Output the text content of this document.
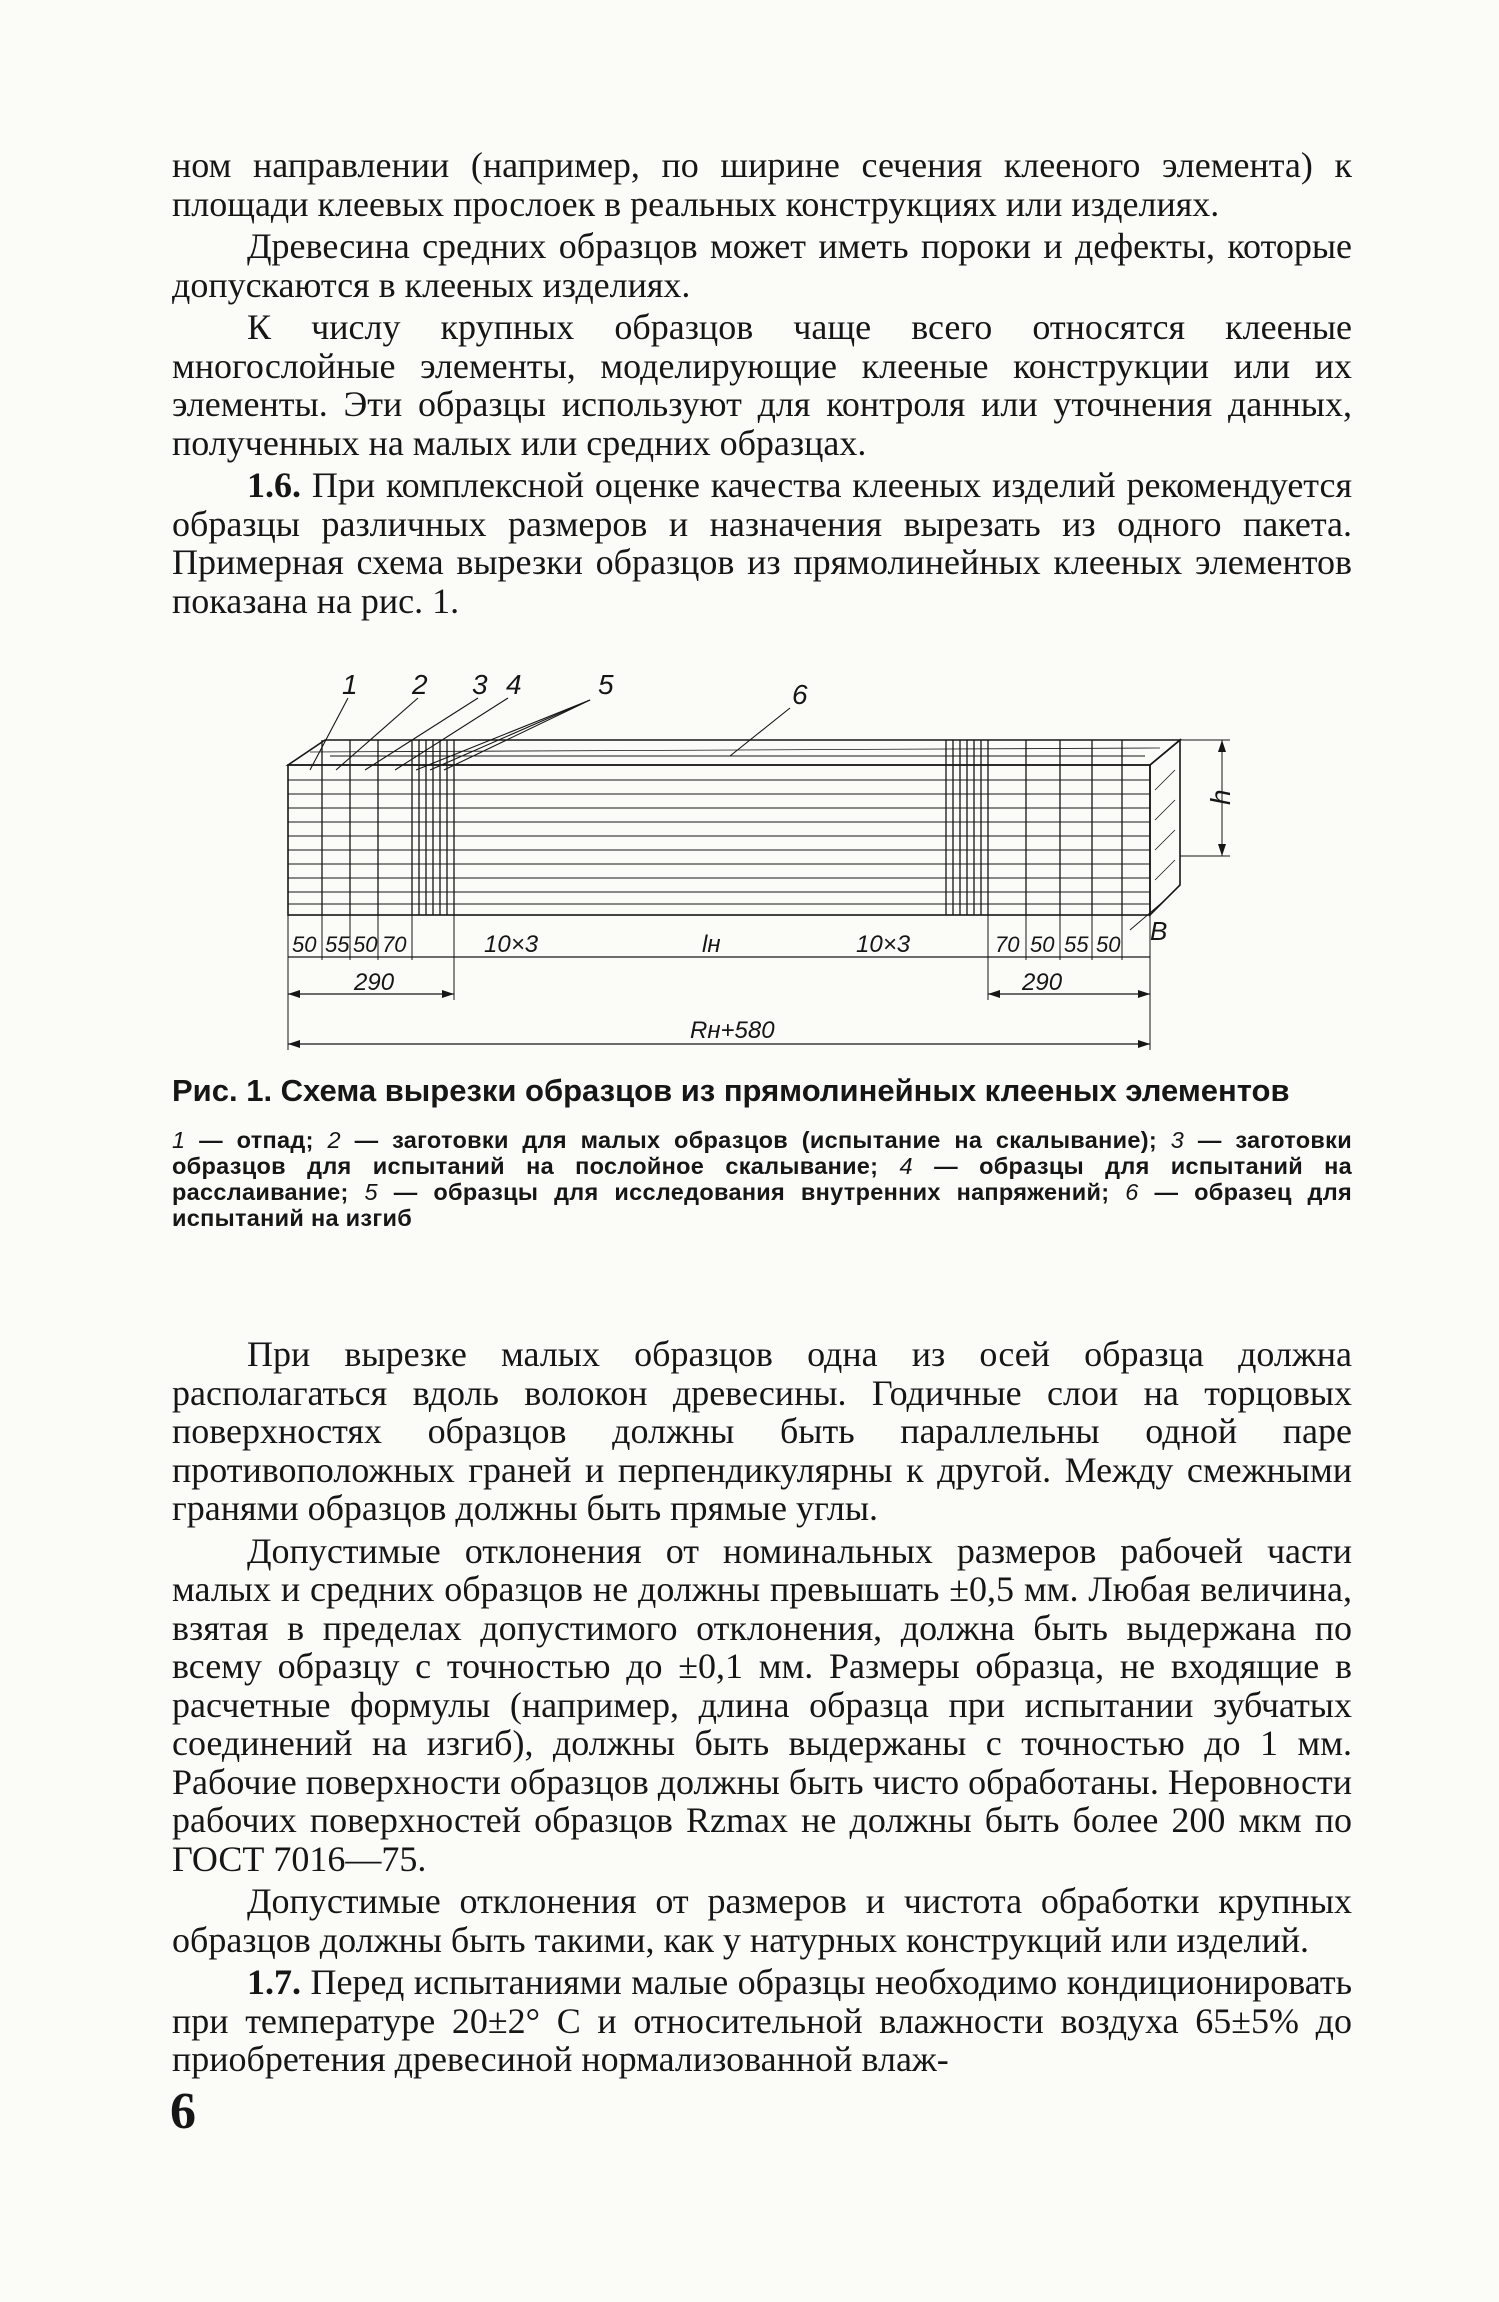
ном направлении (например, по ширине сечения клееного элемента) к площади клеевых прослоек в реальных конструкциях или изделиях.

Древесина средних образцов может иметь пороки и дефекты, которые допускаются в клееных изделиях.

К числу крупных образцов чаще всего относятся клееные многослойные элементы, моделирующие клееные конструкции или их элементы. Эти образцы используют для контроля или уточнения данных, полученных на малых или средних образцах.

1.6. При комплексной оценке качества клееных изделий рекомендуется образцы различных размеров и назначения вырезать из одного пакета. Примерная схема вырезки образцов из прямолинейных клееных элементов показана на рис. 1.

1 2 3 4	5	6
h
B
50 55 50 70	70 50 55 50
10×3	lн	10×3
290	290
Rн+580

Рис. 1. Схема вырезки образцов из прямолинейных клееных элементов

1 — отпад; 2 — заготовки для малых образцов (испытание на скалывание); 3 — заготовки образцов для испытаний на послойное скалывание; 4 — образцы для испытаний на расслаивание; 5 — образцы для исследования внутренних напряжений; 6 — образец для испытаний на изгиб

При вырезке малых образцов одна из осей образца должна располагаться вдоль волокон древесины. Годичные слои на торцовых поверхностях образцов должны быть параллельны одной паре противоположных граней и перпендикулярны к другой. Между смежными гранями образцов должны быть прямые углы.

Допустимые отклонения от номинальных размеров рабочей части малых и средних образцов не должны превышать ±0,5 мм. Любая величина, взятая в пределах допустимого отклонения, должна быть выдержана по всему образцу с точностью до ±0,1 мм. Размеры образца, не входящие в расчетные формулы (например, длина образца при испытании зубчатых соединений на изгиб), должны быть выдержаны с точностью до 1 мм. Рабочие поверхности образцов должны быть чисто обработаны. Неровности рабочих поверхностей образцов Rzmax не должны быть более 200 мкм по ГОСТ 7016—75.

Допустимые отклонения от размеров и чистота обработки крупных образцов должны быть такими, как у натурных конструкций или изделий.

1.7. Перед испытаниями малые образцы необходимо кондиционировать при температуре 20±2° С и относительной влажности воздуха 65±5% до приобретения древесиной нормализованной влаж-

6
